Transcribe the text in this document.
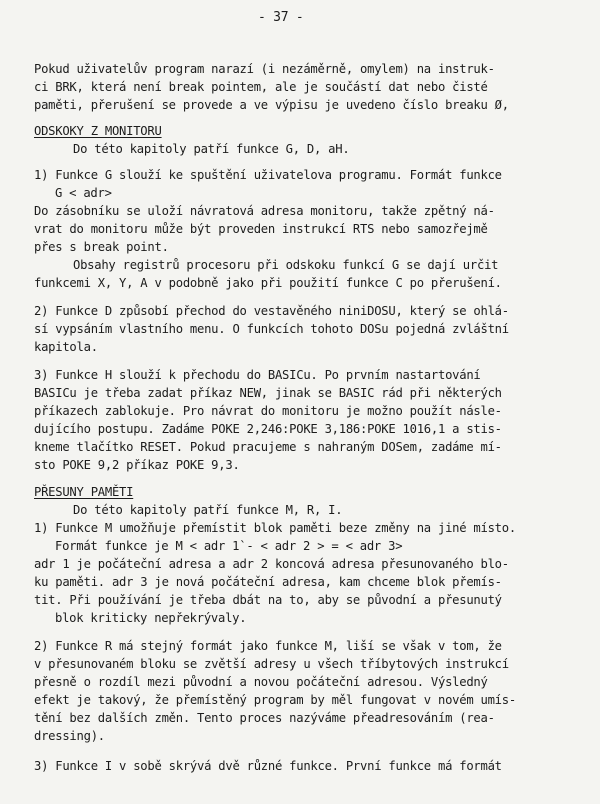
- 37 -
Pokud uživatelův program narazí (i nezáměrně, omylem) na instruk-
ci BRK, která není break pointem, ale je součástí dat nebo čisté
paměti, přerušení se provede a ve výpisu je uvedeno číslo breaku Ø,
ODSKOKY Z MONITORU
Do této kapitoly patří funkce G, D, aH.
1) Funkce G slouží ke spuštění uživatelova programu. Formát funkce
G < adr>
Do zásobníku se uloží návratová adresa monitoru, takže zpětný ná-
vrat do monitoru může být proveden instrukcí RTS nebo samozřejmě
přes s break point.
Obsahy registrů procesoru při odskoku funkcí G se dají určit
funkcemi X, Y, A v podobně jako při použití funkce C po přerušení.
2) Funkce D způsobí přechod do vestavěného niniDOSU, který se ohlá-
sí vypsáním vlastního menu. O funkcích tohoto DOSu pojedná zvláštní
kapitola.
3) Funkce H slouží k přechodu do BASICu. Po prvním nastartování
BASICu je třeba zadat příkaz NEW, jinak se BASIC rád při některých
příkazech zablokuje. Pro návrat do monitoru je možno použít násle-
dujícího postupu. Zadáme POKE 2,246:POKE 3,186:POKE 1016,1 a stis-
kneme tlačítko RESET. Pokud pracujeme s nahraným DOSem, zadáme mí-
sto POKE 9,2 příkaz POKE 9,3.
PŘESUNY PAMĚTI
Do této kapitoly patří funkce M, R, I.
1) Funkce M umožňuje přemístit blok paměti beze změny na jiné místo.
Formát funkce je M < adr 1`- < adr 2 > = < adr 3>
adr 1 je počáteční adresa a adr 2 koncová adresa přesunovaného blo-
ku paměti. adr 3 je nová počáteční adresa, kam chceme blok přemís-
tit. Při používání je třeba dbát na to, aby se původní a přesunutý
blok kriticky nepřekrývaly.
2) Funkce R má stejný formát jako funkce M, liší se však v tom, že
v přesunovaném bloku se zvětší adresy u všech tříbytových instrukcí
přesně o rozdíl mezi původní a novou počáteční adresou. Výsledný
efekt je takový, že přemístěný program by měl fungovat v novém umís-
tění bez dalších změn. Tento proces nazýváme přeadresováním (rea-
dressing).
3) Funkce I v sobě skrývá dvě různé funkce. První funkce má formát
